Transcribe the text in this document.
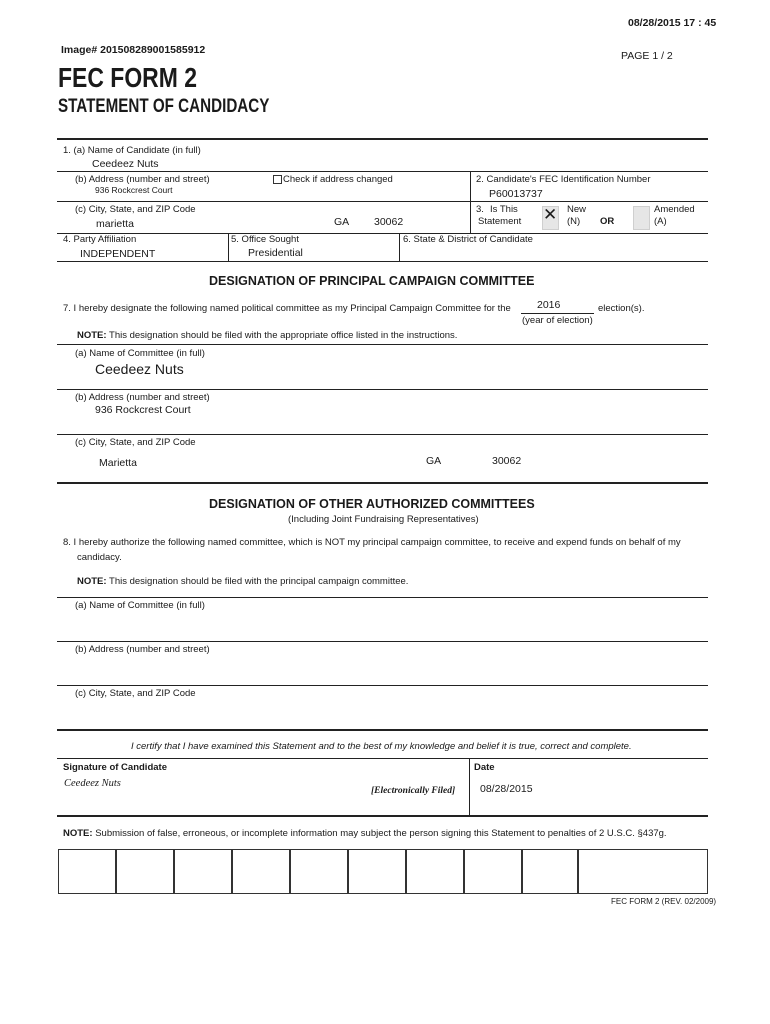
08/28/2015 17 : 45
Image# 201508289001585912	PAGE 1 / 2
FEC FORM 2
STATEMENT OF CANDIDACY
1. (a) Name of Candidate (in full)
Ceedeez Nuts
(b) Address (number and street)	Check if address changed
936 Rockcrest Court
2. Candidate's FEC Identification Number
P60013737
(c) City, State, and ZIP Code
marietta	GA 30062
3. Is This
Statement ✕ New
(N) OR
Amended
(A)
4. Party Affiliation
INDEPENDENT
5. Office Sought
Presidential
6. State & District of Candidate
DESIGNATION OF PRINCIPAL CAMPAIGN COMMITTEE
7. I hereby designate the following named political committee as my Principal Campaign Committee for the 2016	election(s).
(year of election)
NOTE: This designation should be filed with the appropriate office listed in the instructions.
(a) Name of Committee (in full)
Ceedeez Nuts
(b) Address (number and street)
936 Rockcrest Court
(c) City, State, and ZIP Code
Marietta	GA	30062
DESIGNATION OF OTHER AUTHORIZED COMMITTEES
(Including Joint Fundraising Representatives)
8. I hereby authorize the following named committee, which is NOT my principal campaign committee, to receive and expend funds on behalf of my
candidacy.
NOTE: This designation should be filed with the principal campaign committee.
(a) Name of Committee (in full)
(b) Address (number and street)
(c) City, State, and ZIP Code
I certify that I have examined this Statement and to the best of my knowledge and belief it is true, correct and complete.
Signature of Candidate
Ceedeez Nuts
[Electronically Filed]
Date
08/28/2015
NOTE: Submission of false, erroneous, or incomplete information may subject the person signing this Statement to penalties of 2 U.S.C. §437g.
FEC FORM 2 (REV. 02/2009)
